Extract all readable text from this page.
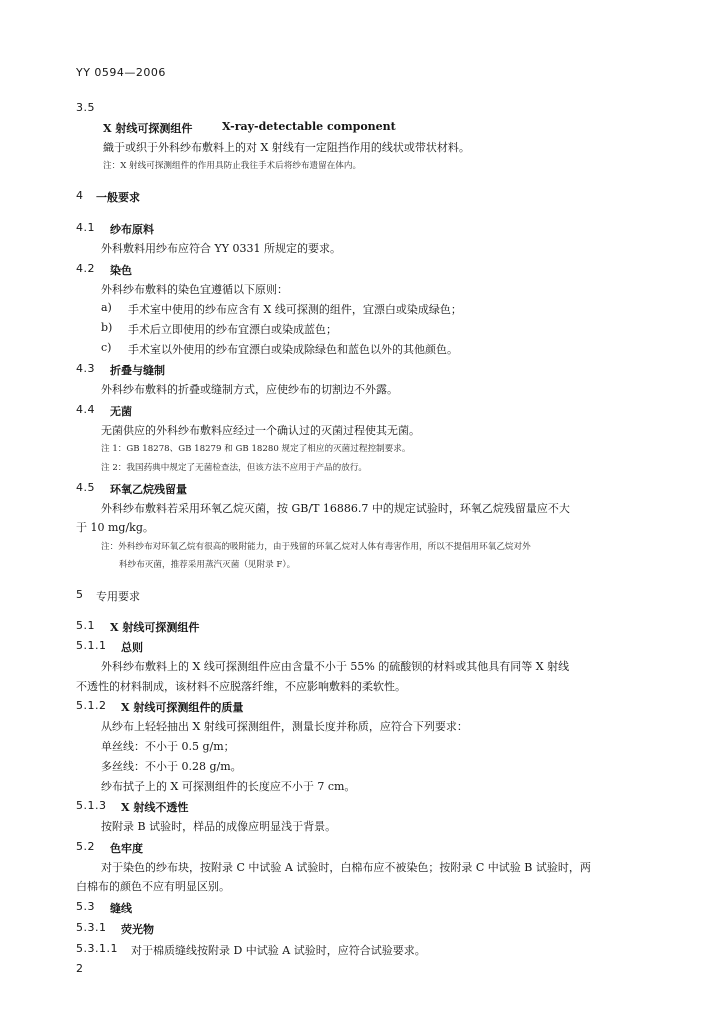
YY 0594—2006
3.5
X 射线可探测组件	X-ray-detectable component
織于或织于外科纱布敷料上的对 X 射线有一定阻挡作用的线状或带状材料。
注：X 射线可探测组件的作用具防止我往手术后将纱布遗留在体内。
4 一般要求
4.1 纱布原料
外科敷料用纱布应符合 YY 0331 所规定的要求。
4.2 染色
外科纱布敷料的染色宜遵循以下原则：
a) 手术室中使用的纱布应含有 X 线可探测的组件，宜漂白或染成绿色；
b) 手术后立即使用的纱布宜漂白或染成蓝色；
c) 手术室以外使用的纱布宜漂白或染成除绿色和蓝色以外的其他颜色。
4.3 折叠与缝制
外科纱布敷料的折叠或缝制方式，应使纱布的切割边不外露。
4.4 无菌
无菌供应的外科纱布敷料应经过一个确认过的灭菌过程使其无菌。
注 1：GB 18278、GB 18279 和 GB 18280 规定了相应的灭菌过程控制要求。
注 2：我国药典中规定了无菌检查法，但该方法不应用于产品的放行。
4.5 环氧乙烷残留量
外科纱布敷料若采用环氧乙烷灭菌，按 GB/T 16886.7 中的规定试验时，环氧乙烷残留量应不大
于 10 mg/kg。
注：外科纱布对环氧乙烷有很高的吸附能力，由于残留的环氧乙烷对人体有毒害作用，所以不提倡用环氧乙烷对外
科纱布灭菌，推荐采用蒸汽灭菌（见附录 F）。
5 专用要求
5.1 X 射线可探测组件
5.1.1 总则
外科纱布敷料上的 X 线可探测组件应由含量不小于 55% 的硫酸钡的材料或其他具有同等 X 射线
不透性的材料制成，该材料不应脱落纤维，不应影响敷料的柔软性。
5.1.2 X 射线可探测组件的质量
从纱布上轻轻抽出 X 射线可探测组件，测量长度并称质，应符合下列要求：
单丝线：不小于 0.5 g/m；
多丝线：不小于 0.28 g/m。
纱布拭子上的 X 可探测组件的长度应不小于 7 cm。
5.1.3 X 射线不透性
按附录 B 试验时，样品的成像应明显浅于背景。
5.2 色牢度
对于染色的纱布块，按附录 C 中试验 A 试验时，白棉布应不被染色；按附录 C 中试验 B 试验时，两
白棉布的颜色不应有明显区别。
5.3 缝线
5.3.1 荧光物
5.3.1.1 对于棉质缝线按附录 D 中试验 A 试验时，应符合试验要求。
2
